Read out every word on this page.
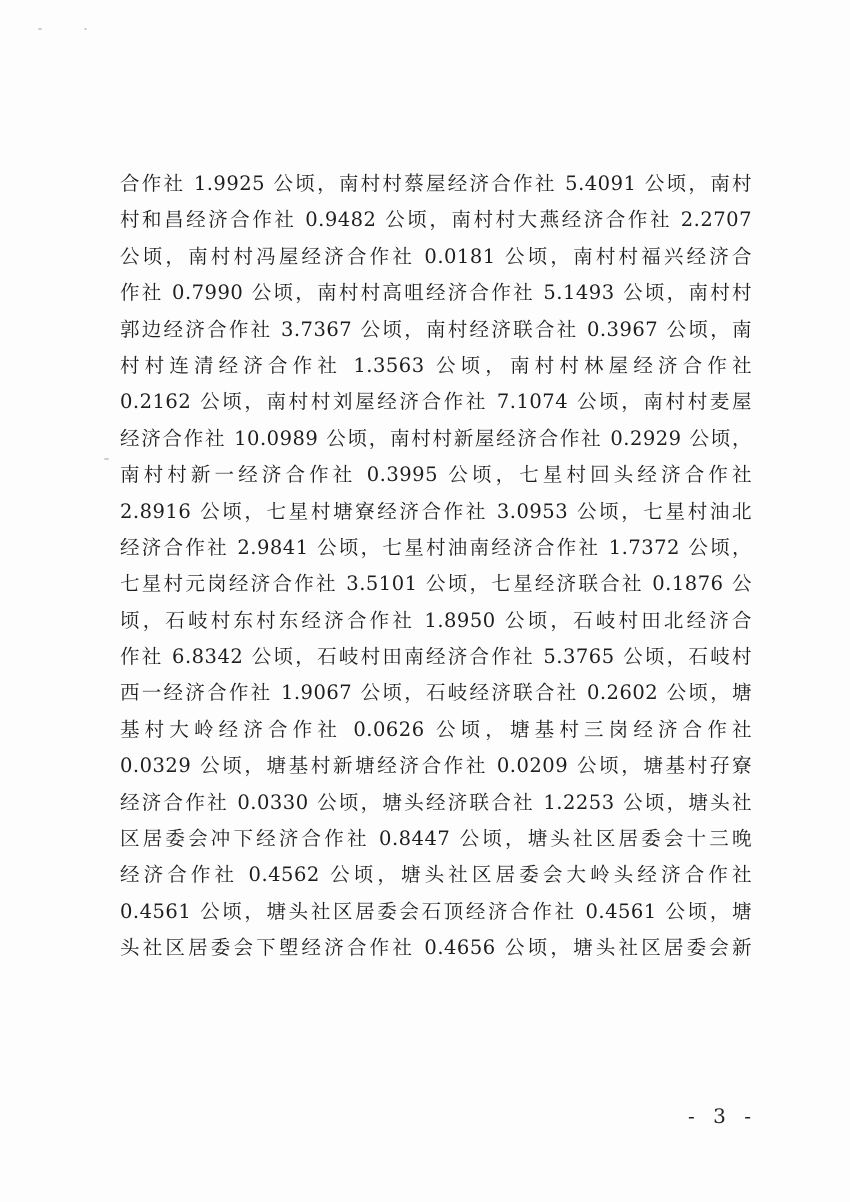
合作社 1.9925 公顷，南村村蔡屋经济合作社 5.4091 公顷，南村
村和昌经济合作社 0.9482 公顷，南村村大燕经济合作社 2.2707
公顷，南村村冯屋经济合作社 0.0181 公顷，南村村福兴经济合
作社 0.7990 公顷，南村村高咀经济合作社 5.1493 公顷，南村村
郭边经济合作社 3.7367 公顷，南村经济联合社 0.3967 公顷，南
村村连清经济合作社 1.3563 公顷，南村村林屋经济合作社
0.2162 公顷，南村村刘屋经济合作社 7.1074 公顷，南村村麦屋
经济合作社 10.0989 公顷，南村村新屋经济合作社 0.2929 公顷，
南村村新一经济合作社 0.3995 公顷，七星村回头经济合作社
2.8916 公顷，七星村塘寮经济合作社 3.0953 公顷，七星村油北
经济合作社 2.9841 公顷，七星村油南经济合作社 1.7372 公顷，
七星村元岗经济合作社 3.5101 公顷，七星经济联合社 0.1876 公
顷，石岐村东村东经济合作社 1.8950 公顷，石岐村田北经济合
作社 6.8342 公顷，石岐村田南经济合作社 5.3765 公顷，石岐村
西一经济合作社 1.9067 公顷，石岐经济联合社 0.2602 公顷，塘
基村大岭经济合作社 0.0626 公顷，塘基村三岗经济合作社
0.0329 公顷，塘基村新塘经济合作社 0.0209 公顷，塘基村孖寮
经济合作社 0.0330 公顷，塘头经济联合社 1.2253 公顷，塘头社
区居委会冲下经济合作社 0.8447 公顷，塘头社区居委会十三晚
经济合作社 0.4562 公顷，塘头社区居委会大岭头经济合作社
0.4561 公顷，塘头社区居委会石顶经济合作社 0.4561 公顷，塘
头社区居委会下塱经济合作社 0.4656 公顷，塘头社区居委会新
- 3 -
